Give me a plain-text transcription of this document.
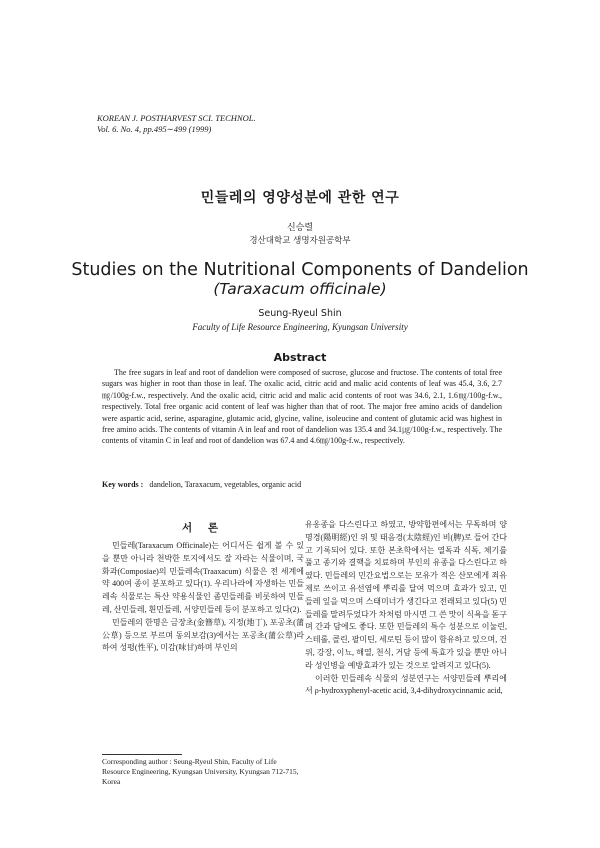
KOREAN J. POSTHARVEST SCI. TECHNOL.
Vol. 6. No. 4, pp.495∼499 (1999)
민들레의 영양성분에 관한 연구
신승렬
경산대학교 생명자원공학부
Studies on the Nutritional Components of Dandelion
(Taraxacum officinale)
Seung-Ryeul Shin
Faculty of Life Resource Engineering, Kyungsan University
Abstract
The free sugars in leaf and root of dandelion were composed of sucrose, glucose and fructose. The contents of total free sugars was higher in root than those in leaf. The oxalic acid, citric acid and malic acid contents of leaf was 45.4, 3.6, 2.7㎎/100g-f.w., respectively. And the oxalic acid, citric acid and malic acid contents of root was 34.6, 2.1, 1.6㎎/100g-f.w., respectively. Total free organic acid content of leaf was higher than that of root. The major free amino acids of dandelion were aspartic acid, serine, asparagine, glutamic acid, glycine, valine, isoleucine and content of glutamic acid was highest in free amino acids. The contents of vitamin A in leaf and root of dandelion was 135.4 and 34.1㎍/100g-f.w., respectively. The contents of vitamin C in leaf and root of dandelion was 67.4 and 4.6㎎/100g-f.w., respectively.
Key words : dandelion, Taraxacum, vegetables, organic acid
서 론

민들레(Taraxacum Officinale)는 어디서든 쉽게 볼 수 있을 뿐만 아니라 천박한 토지에서도 잘 자라는 식물이며, 국화과(Composiae)의 민들레속(Traaxacum) 식물은 전 세계에 약 400여 종이 분포하고 있다(1). 우리나라에 자생하는 민들레속 식물로는 특산 약용식물인 좀민들레를 비롯하여 민들레, 산민들레, 흰민들레, 서양민들레 등이 분포하고 있다(2).

민들레의 한명은 금장초(金簪草), 지정(地丁), 포공초(蒲公草) 등으로 부르며 동의보감(3)에서는 포공초(蒲公草)라 하여 성평(性平), 미감(味甘)하며 부인의

유옹종을 다스린다고 하였고, 방약합편에서는 무독하며 양명경(陽明經)인 위 및 태음경(太陰經)인 비(脾)로 들어 간다고 기록되어 있다. 또한 본초학에서는 열독과 식독, 체기를 풀고 종기와 결핵을 치료하며 부인의 유종을 다스린다고 하였다. 민들레의 민간요법으로는 모유가 적은 산모에게 죄유제로 쓰이고 유선염에 뿌리를 달여 먹으며 효과가 있고, 민들레 잎을 먹으며 스태미너가 생긴다고 전래되고 있다(5) 민들레를 말려두었다가 차처럼 마시면 그 쓴 맛이 식욕을 돋구며 간과 담에도 좋다. 또한 민들레의 특수 성분으로 이눌린, 스테롤, 콜린, 팔미틴, 세로틴 등이 많이 함유하고 있으며, 건위, 강장, 이뇨, 해열, 천식, 거담 등에 특효가 있을 뿐만 아니라 성인병을 예방효과가 있는 것으로 알려지고 있다(5).

이러한 민들레속 식물의 성분연구는 서양민들레 뿌리에서 ρ-hydroxyphenyl-acetic acid, 3,4-dihydroxycinnamic acid,

Corresponding author : Seung-Ryeul Shin, Faculty of Life Resource Engineering, Kyungsan University, Kyungsan 712-715, Korea
